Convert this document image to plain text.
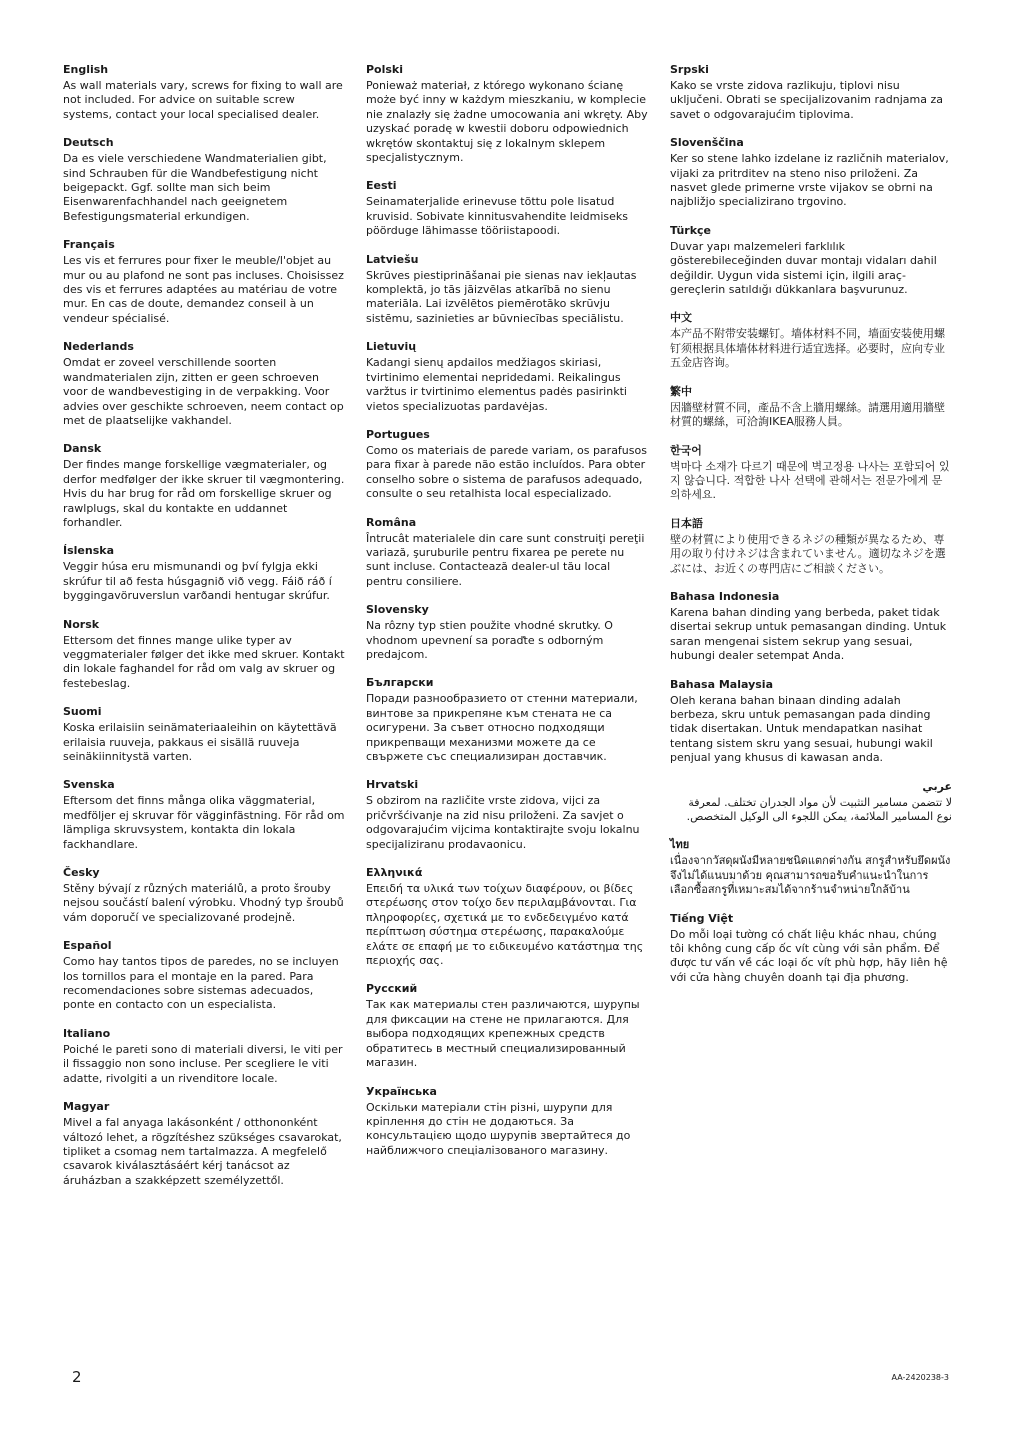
English

As wall materials vary, screws for fixing to wall are not included. For advice on suitable screw systems, contact your local specialised dealer.

Deutsch

Da es viele verschiedene Wandmaterialien gibt, sind Schrauben für die Wandbefestigung nicht beigepackt. Ggf. sollte man sich beim Eisenwarenfachhandel nach geeignetem Befestigungsmaterial erkundigen.

Français

Les vis et ferrures pour fixer le meuble/l'objet au mur ou au plafond ne sont pas incluses. Choisissez des vis et ferrures adaptées au matériau de votre mur. En cas de doute, demandez conseil à un vendeur spécialisé.

Nederlands

Omdat er zoveel verschillende soorten wandmaterialen zijn, zitten er geen schroeven voor de wandbevestiging in de verpakking. Voor advies over geschikte schroeven, neem contact op met de plaatselijke vakhandel.

Dansk

Der findes mange forskellige vægmaterialer, og derfor medfølger der ikke skruer til vægmontering. Hvis du har brug for råd om forskellige skruer og rawlplugs, skal du kontakte en uddannet forhandler.

Íslenska

Veggir húsa eru mismunandi og því fylgja ekki skrúfur til að festa húsgagnið við vegg. Fáið ráð í byggingavöruverslun varðandi hentugar skrúfur.

Norsk

Ettersom det finnes mange ulike typer av veggmaterialer følger det ikke med skruer. Kontakt din lokale faghandel for råd om valg av skruer og festebeslag.

Suomi

Koska erilaisiin seinämateriaaleihin on käytettävä erilaisia ruuveja, pakkaus ei sisällä ruuveja seinäkiinnitystä varten.

Svenska

Eftersom det finns många olika väggmaterial, medföljer ej skruvar för vägginfästning. För råd om lämpliga skruvsystem, kontakta din lokala fackhandlare.

Česky

Stěny bývají z různých materiálů, a proto šrouby nejsou součástí balení výrobku. Vhodný typ šroubů vám doporučí ve specializované prodejně.

Español

Como hay tantos tipos de paredes, no se incluyen los tornillos para el montaje en la pared. Para recomendaciones sobre sistemas adecuados, ponte en contacto con un especialista.

Italiano

Poiché le pareti sono di materiali diversi, le viti per il fissaggio non sono incluse. Per scegliere le viti adatte, rivolgiti a un rivenditore locale.

Magyar

Mivel a fal anyaga lakásonként / otthononként változó lehet, a rögzítéshez szükséges csavarokat, tipliket a csomag nem tartalmazza. A megfelelő csavarok kiválasztásáért kérj tanácsot az áruházban a szakképzett személyzettől.

Polski

Ponieważ materiał, z którego wykonano ścianę może być inny w każdym mieszkaniu, w komplecie nie znalazły się żadne umocowania ani wkręty. Aby uzyskać poradę w kwestii doboru odpowiednich wkrętów skontaktuj się z lokalnym sklepem specjalistycznym.

Eesti

Seinamaterjalide erinevuse tõttu pole lisatud kruvisid. Sobivate kinnitusvahendite leidmiseks pöörduge lähimasse tööriistapoodi.

Latviešu

Skrūves piestiprināšanai pie sienas nav iekļautas komplektā, jo tās jāizvēlas atkarībā no sienu materiāla. Lai izvēlētos piemērotāko skrūvju sistēmu, sazinieties ar būvniecības speciālistu.

Lietuvių

Kadangi sienų apdailos medžiagos skiriasi, tvirtinimo elementai nepridedami. Reikalingus varžtus ir tvirtinimo elementus padės pasirinkti vietos specializuotas pardavėjas.

Portugues

Como os materiais de parede variam, os parafusos para fixar à parede não estão incluídos. Para obter conselho sobre o sistema de parafusos adequado, consulte o seu retalhista local especializado.

Româna

Întrucât materialele din care sunt construiţi pereţii variază, şuruburile pentru fixarea pe perete nu sunt incluse. Contactează dealer-ul tău local pentru consiliere.

Slovensky

Na rôzny typ stien použite vhodné skrutky. O vhodnom upevnení sa poraďte s odborným predajcom.

Български

Поради разнообразието от стенни материали, винтовe за прикрепяне към стената не са осигурени. За съвет относно подходящи прикрепващи механизми можете да се свържете със специализиран доставчик.

Hrvatski

S obzirom na različite vrste zidova, vijci za pričvršćivanje na zid nisu priloženi. Za savjet o odgovarajućim vijcima kontaktirajte svoju lokalnu specijaliziranu prodavaonicu.

Ελληνικά

Επειδή τα υλικά των τοίχων διαφέρουν, οι βίδες στερέωσης στον τοίχο δεν περιλαμβάνονται. Για πληροφορίες, σχετικά με το ενδεδειγμένο κατά περίπτωση σύστημα στερέωσης, παρακαλούμε ελάτε σε επαφή με το ειδικευμένο κατάστημα της περιοχής σας.

Русский

Так как материалы стен различаются, шурупы для фиксации на стене не прилагаются. Для выбора подходящих крепежных средств обратитесь в местный специализированный магазин.

Українська

Оскільки матеріали стін різні, шурупи для кріплення до стін не додаються. За консультацією щодо шурупів звертайтеся до найближчого спеціалізованого магазину.

Srpski

Kako se vrste zidova razlikuju, tiplovi nisu uključeni. Obrati se specijalizovanim radnjama za savet o odgovarajućim tiplovima.

Slovenščina

Ker so stene lahko izdelane iz različnih materialov, vijaki za pritrditev na steno niso priloženi. Za nasvet glede primerne vrste vijakov se obrni na najbližjo specializirano trgovino.

Türkçe

Duvar yapı malzemeleri farklılık gösterebileceğinden duvar montajı vidaları dahil değildir. Uygun vida sistemi için, ilgili araç-gereçlerin satıldığı dükkanlara başvurunuz.

中文

本产品不附带安装螺钉。墙体材料不同，墙面安装使用螺钉须根据具体墙体材料进行适宜选择。必要时，应向专业五金店咨询。

繁中

因牆壁材質不同，產品不含上牆用螺絲。請選用適用牆壁材質的螺絲，可洽詢IKEA服務人員。

한국어

벽마다 소재가 다르기 때문에 벽고정용 나사는 포함되어 있지 않습니다. 적합한 나사 선택에 관해서는 전문가에게 문의하세요.

日本語

壁の材質により使用できるネジの種類が異なるため、専用の取り付けネジは含まれていません。適切なネジを選ぶには、お近くの専門店にご相談ください。

Bahasa Indonesia

Karena bahan dinding yang berbeda, paket tidak disertai sekrup untuk pemasangan dinding. Untuk saran mengenai sistem sekrup yang sesuai, hubungi dealer setempat Anda.

Bahasa Malaysia

Oleh kerana bahan binaan dinding adalah berbeza, skru untuk pemasangan pada dinding tidak disertakan. Untuk mendapatkan nasihat tentang sistem skru yang sesuai, hubungi wakil penjual yang khusus di kawasan anda.

عربي

لا تتضمن مسامير التثبيت لأن مواد الجدران تختلف. لمعرفة نوع المسامير الملائمة، يمكن اللجوء الى الوكيل المتخصص.

ไทย

เนื่องจากวัสดุผนังมีหลายชนิดแตกต่างกัน สกรูสำหรับยึดผนังจึงไม่ได้แนบมาด้วย คุณสามารถขอรับคำแนะนำในการเลือกซื้อสกรูที่เหมาะสมได้จากร้านจำหน่ายใกล้บ้าน

Tiếng Việt

Do mỗi loại tường có chất liệu khác nhau, chúng tôi không cung cấp ốc vít cùng với sản phẩm. Để được tư vấn về các loại ốc vít phù hợp, hãy liên hệ với cửa hàng chuyên doanh tại địa phương.

2	AA-2420238-3
